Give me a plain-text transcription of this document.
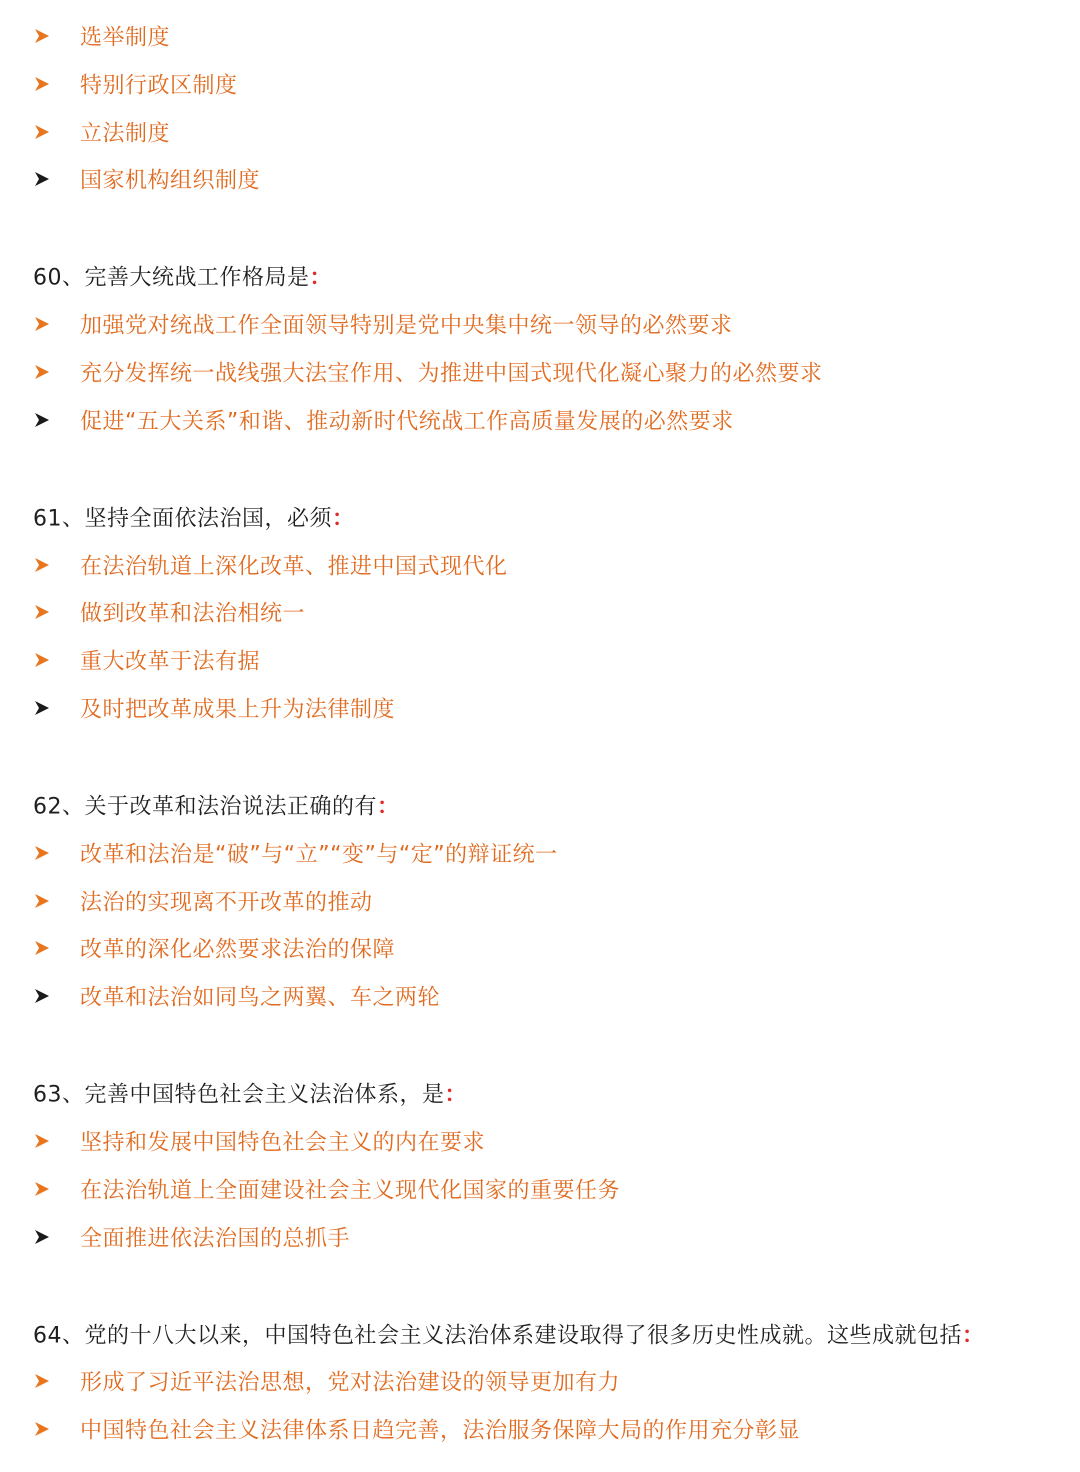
选举制度
特别行政区制度
立法制度
国家机构组织制度
60、完善大统战工作格局是：
加强党对统战工作全面领导特别是党中央集中统一领导的必然要求
充分发挥统一战线强大法宝作用、为推进中国式现代化凝心聚力的必然要求
促进“五大关系”和谐、推动新时代统战工作高质量发展的必然要求
61、坚持全面依法治国，必须：
在法治轨道上深化改革、推进中国式现代化
做到改革和法治相统一
重大改革于法有据
及时把改革成果上升为法律制度
62、关于改革和法治说法正确的有：
改革和法治是“破”与“立”“变”与“定”的辩证统一
法治的实现离不开改革的推动
改革的深化必然要求法治的保障
改革和法治如同鸟之两翼、车之两轮
63、完善中国特色社会主义法治体系，是：
坚持和发展中国特色社会主义的内在要求
在法治轨道上全面建设社会主义现代化国家的重要任务
全面推进依法治国的总抓手
64、党的十八大以来，中国特色社会主义法治体系建设取得了很多历史性成就。这些成就包括：
形成了习近平法治思想，党对法治建设的领导更加有力
中国特色社会主义法律体系日趋完善，法治服务保障大局的作用充分彰显
